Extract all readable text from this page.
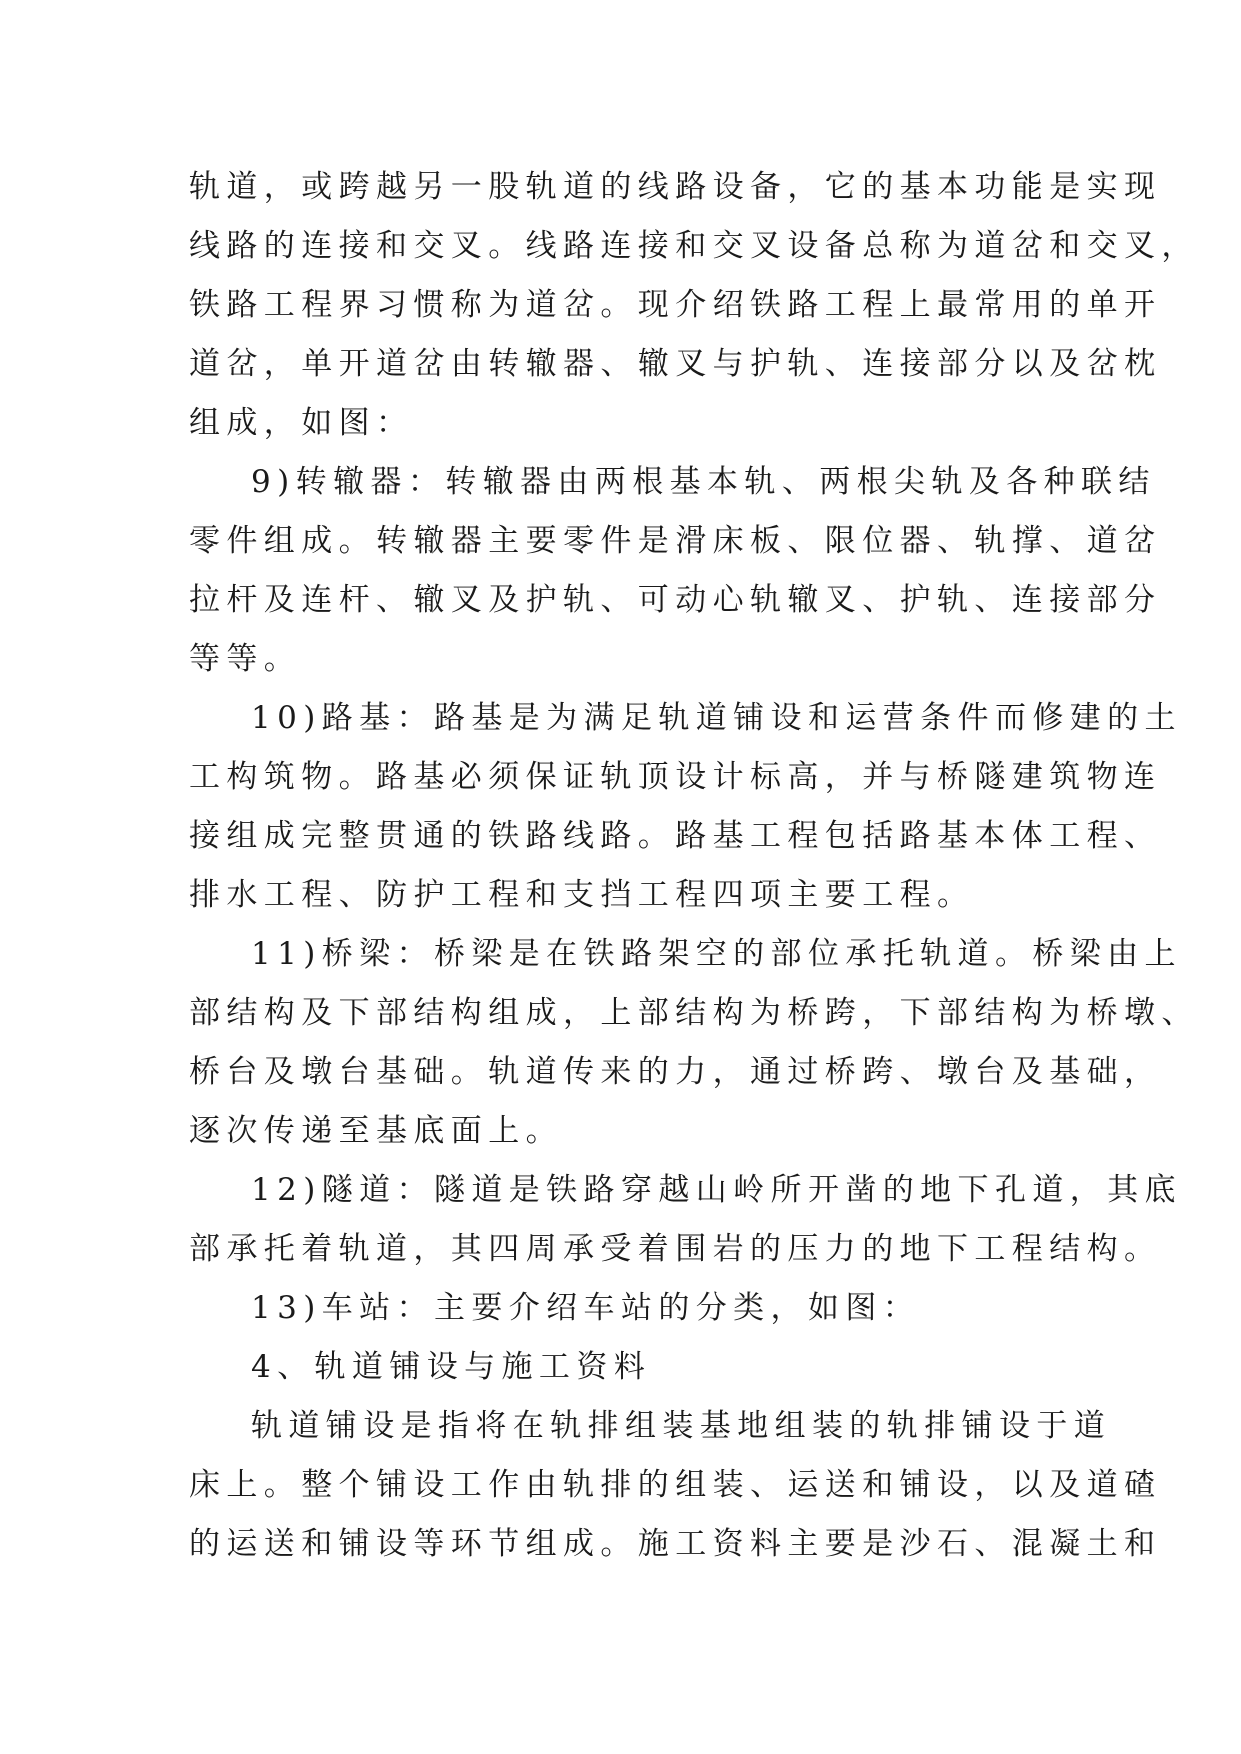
轨道，或跨越另一股轨道的线路设备，它的基本功能是实现
线路的连接和交叉。线路连接和交叉设备总称为道岔和交叉，
铁路工程界习惯称为道岔。现介绍铁路工程上最常用的单开
道岔，单开道岔由转辙器、辙叉与护轨、连接部分以及岔枕
组成，如图：
9)转辙器：转辙器由两根基本轨、两根尖轨及各种联结
零件组成。转辙器主要零件是滑床板、限位器、轨撑、道岔
拉杆及连杆、辙叉及护轨、可动心轨辙叉、护轨、连接部分
等等。
10)路基：路基是为满足轨道铺设和运营条件而修建的土
工构筑物。路基必须保证轨顶设计标高，并与桥隧建筑物连
接组成完整贯通的铁路线路。路基工程包括路基本体工程、
排水工程、防护工程和支挡工程四项主要工程。
11)桥梁：桥梁是在铁路架空的部位承托轨道。桥梁由上
部结构及下部结构组成，上部结构为桥跨，下部结构为桥墩、
桥台及墩台基础。轨道传来的力，通过桥跨、墩台及基础，
逐次传递至基底面上。
12)隧道：隧道是铁路穿越山岭所开凿的地下孔道，其底
部承托着轨道，其四周承受着围岩的压力的地下工程结构。
13)车站：主要介绍车站的分类，如图：
4、轨道铺设与施工资料
轨道铺设是指将在轨排组装基地组装的轨排铺设于道
床上。整个铺设工作由轨排的组装、运送和铺设，以及道碴
的运送和铺设等环节组成。施工资料主要是沙石、混凝土和
